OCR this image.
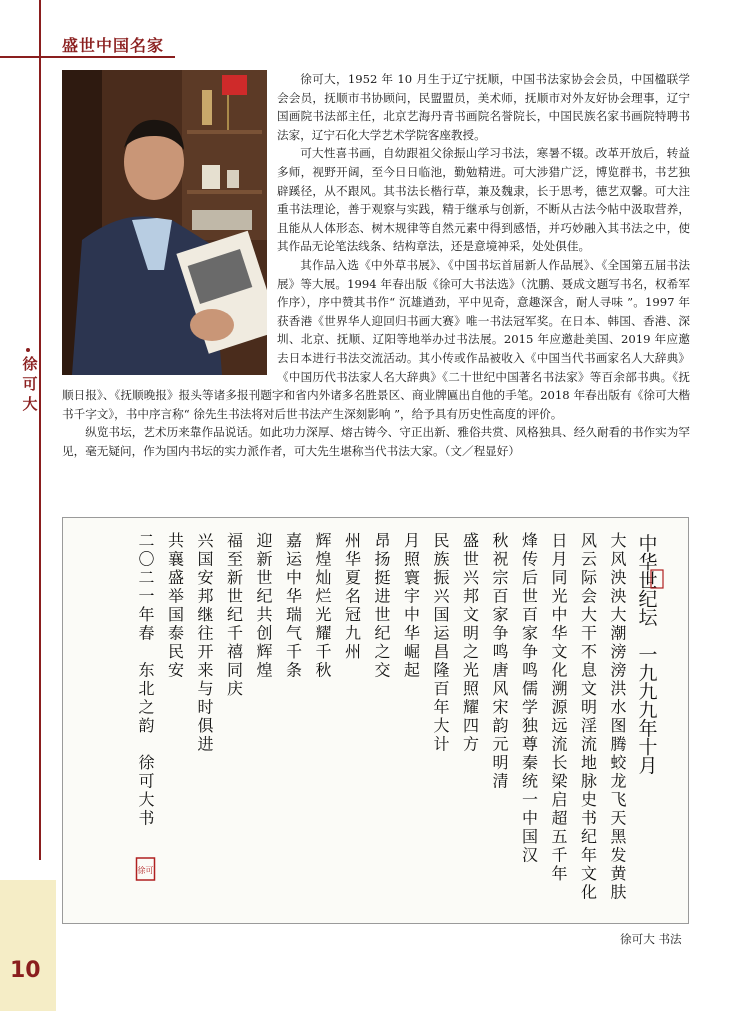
盛世中国名家
徐可大
10

徐可大，1952 年 10 月生于辽宁抚顺，中国书法家协会会员，中国楹联学会会员，抚顺市书协顾问，民盟盟员，美术师，抚顺市对外友好协会理事，辽宁国画院书法部主任，北京艺海丹青书画院名誉院长，中国民族名家书画院特聘书法家，辽宁石化大学艺术学院客座教授。

可大性喜书画，自幼跟祖父徐振山学习书法，寒暑不辍。改革开放后，转益多师，视野开阔，至今日日临池，勤勉精进。可大涉猎广泛，博览群书，书艺独辟蹊径，从不跟风。其书法长楷行草，兼及魏隶，长于思考，德艺双馨。可大注重书法理论，善于观察与实践，精于继承与创新，不断从古法今帖中汲取营养，且能从人体形态、树木规律等自然元素中得到感悟，并巧妙融入其书法之中，使其作品无论笔法线条、结构章法，还是意境神采，处处俱佳。

其作品入选《中外草书展》、《中国书坛首届新人作品展》、《全国第五届书法展》等大展。1994 年春出版《徐可大书法选》（沈鹏、聂成文题写书名，权希军作序），序中赞其书作“ 沉雄遒劲，平中见奇，意趣深含，耐人寻味 ”。1997 年获香港《世界华人迎回归书画大赛》唯一书法冠军奖。在日本、韩国、香港、深圳、北京、抚顺、辽阳等地举办过书法展。2015 年应邀赴美国、2019 年应邀去日本进行书法交流活动。其小传或作品被收入《中国当代书画家名人大辞典》《中国历代书法家人名大辞典》《二十世纪中国著名书法家》等百余部书典。《抚顺日报》、《抚顺晚报》报头等诸多报刊题字和省内外诸多名胜景区、商业牌匾出自他的手笔。2018 年春出版有《徐可大楷书千字文》，书中序言称“ 徐先生书法将对后世书法产生深刻影响 ”，给予具有历史性高度的评价。

纵览书坛，艺术历来靠作品说话。如此功力深厚、熔古铸今、守正出新、雅俗共赏、风格独具、经久耐看的书作实为罕见，毫无疑问，作为国内书坛的实力派作者，可大先生堪称当代书法大家。（文／程显好）

中
华
世
纪
坛
一
九
九
九
年
十
月
大
风
泱
泱
大
潮
滂
滂
洪
水
图
腾
蛟
龙
飞
天
黑
发
黄
肤
风
云
际
会
大
干
不
息
文
明
淫
流
地
脉
史
书
纪
年
文
化
日
月
同
光
中
华
文
化
溯
源
远
流
长
梁
启
超
五
千
年
烽
传
后
世
百
家
争
鸣
儒
学
独
尊
秦
统
一
中
国
汉
秋
祝
宗
百
家
争
鸣
唐
风
宋
韵
元
明
清
盛
世
兴
邦
文
明
之
光
照
耀
四
方
民
族
振
兴
国
运
昌
隆
百
年
大
计
月
照
寰
宇
中
华
崛
起
昂
扬
挺
进
世
纪
之
交
州
华
夏
名
冠
九
州
辉
煌
灿
烂
光
耀
千
秋
嘉
运
中
华
瑞
气
千
条
迎
新
世
纪
共
创
辉
煌
福
至
新
世
纪
千
禧
同
庆
兴
国
安
邦
继
往
开
来
与
时
俱
进
共
襄
盛
举
国
泰
民
安
二
〇
二
一
年
春
东
北
之
韵
徐
可
大
书
徐可
徐可大 书法
